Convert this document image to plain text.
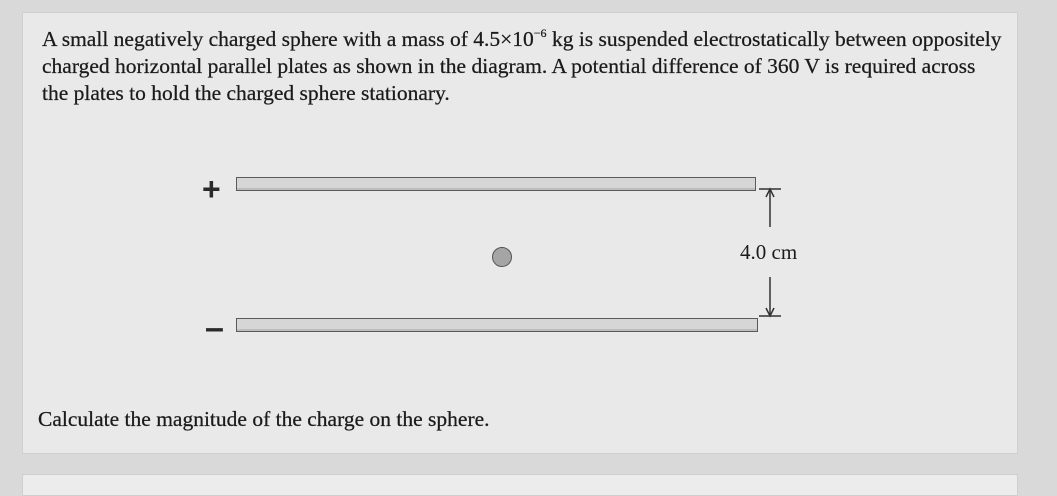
A small negatively charged sphere with a mass of $4.5\times 10^{-6}$ kg is suspended electrostatically between oppositely charged horizontal parallel plates as shown in the diagram. A potential difference of 360 V is required across the plates to hold the charged sphere stationary.
+
4.0 cm
–
Calculate the magnitude of the charge on the sphere.
